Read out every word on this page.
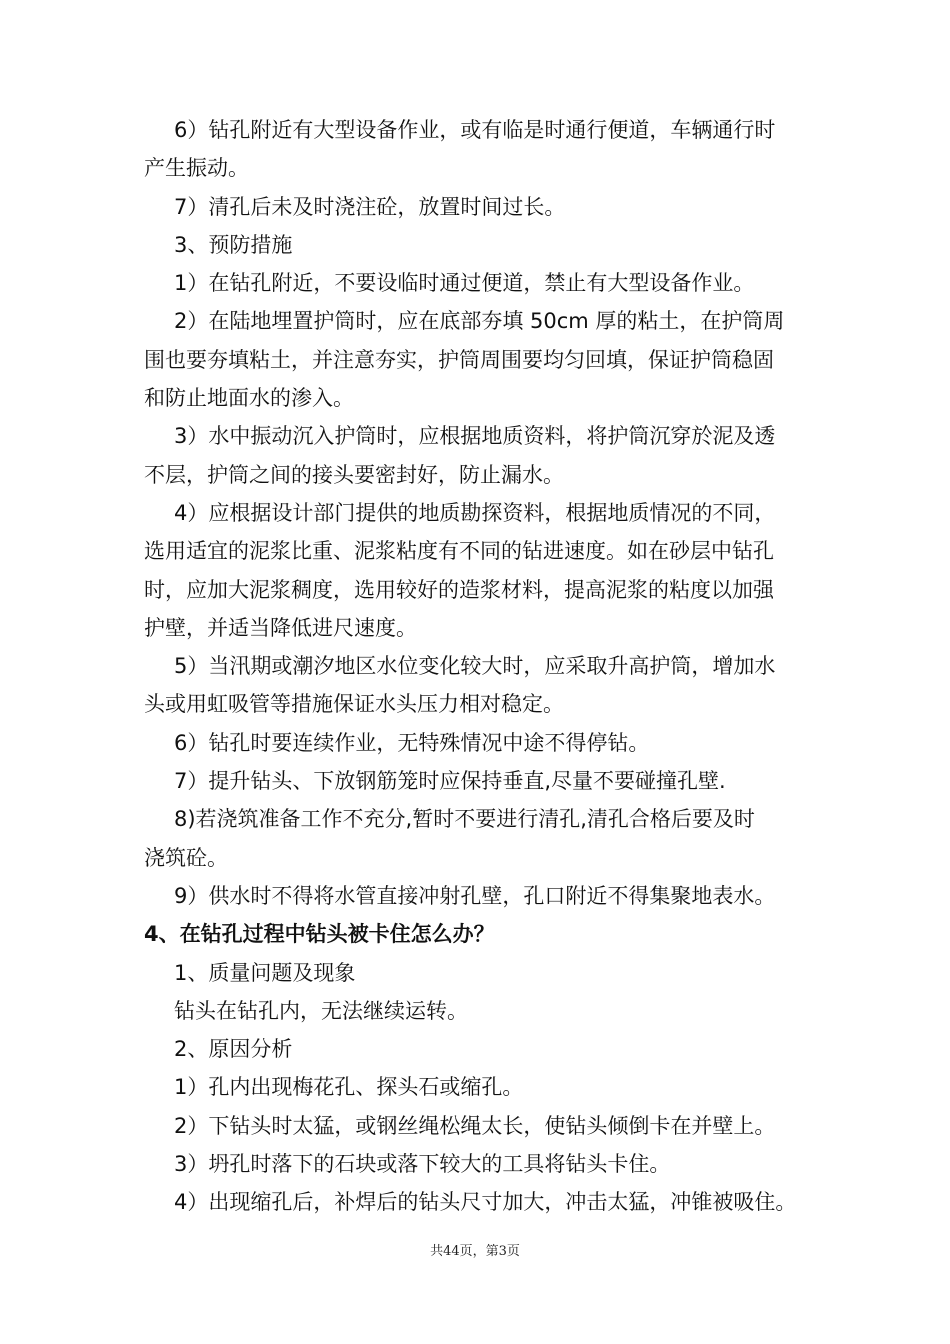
6）钻孔附近有大型设备作业，或有临是时通行便道，车辆通行时
产生振动。
7）清孔后未及时浇注砼，放置时间过长。
3、预防措施
1）在钻孔附近，不要设临时通过便道，禁止有大型设备作业。
2）在陆地埋置护筒时，应在底部夯填 50cm 厚的粘土，在护筒周
围也要夯填粘土，并注意夯实，护筒周围要均匀回填，保证护筒稳固
和防止地面水的渗入。
3）水中振动沉入护筒时，应根据地质资料，将护筒沉穿於泥及透
不层，护筒之间的接头要密封好，防止漏水。
4）应根据设计部门提供的地质勘探资料，根据地质情况的不同，
选用适宜的泥浆比重、泥浆粘度有不同的钻进速度。如在砂层中钻孔
时，应加大泥浆稠度，选用较好的造浆材料，提高泥浆的粘度以加强
护壁，并适当降低进尺速度。
5）当汛期或潮汐地区水位变化较大时，应采取升高护筒，增加水
头或用虹吸管等措施保证水头压力相对稳定。
6）钻孔时要连续作业，无特殊情况中途不得停钻。
7）提升钻头、下放钢筋笼时应保持垂直,尽量不要碰撞孔壁.
8)若浇筑准备工作不充分,暂时不要进行清孔,清孔合格后要及时
浇筑砼。
9）供水时不得将水管直接冲射孔壁，孔口附近不得集聚地表水。
4、在钻孔过程中钻头被卡住怎么办？
1、质量问题及现象
钻头在钻孔内，无法继续运转。
2、原因分析
1）孔内出现梅花孔、探头石或缩孔。
2）下钻头时太猛，或钢丝绳松绳太长，使钻头倾倒卡在并壁上。
3）坍孔时落下的石块或落下较大的工具将钻头卡住。
4）出现缩孔后，补焊后的钻头尺寸加大，冲击太猛，冲锥被吸住。
共44页，第3页
